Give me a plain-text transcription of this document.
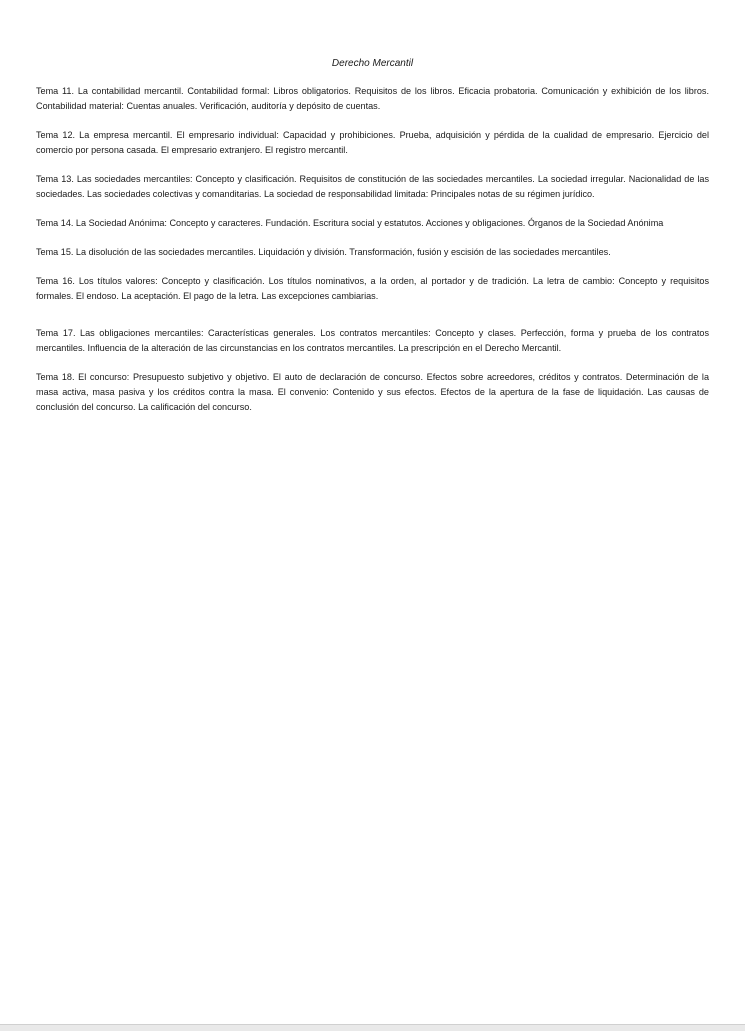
Derecho Mercantil

Tema 11. La contabilidad mercantil. Contabilidad formal: Libros obligatorios. Requisitos de los libros. Eficacia probatoria. Comunicación y exhibición de los libros. Contabilidad material: Cuentas anuales. Verificación, auditoría y depósito de cuentas.

Tema 12. La empresa mercantil. El empresario individual: Capacidad y prohibiciones. Prueba, adquisición y pérdida de la cualidad de empresario. Ejercicio del comercio por persona casada. El empresario extranjero. El registro mercantil.

Tema 13. Las sociedades mercantiles: Concepto y clasificación. Requisitos de constitución de las sociedades mercantiles. La sociedad irregular. Nacionalidad de las sociedades. Las sociedades colectivas y comanditarias. La sociedad de responsabilidad limitada: Principales notas de su régimen jurídico.

Tema 14. La Sociedad Anónima: Concepto y caracteres. Fundación. Escritura social y estatutos. Acciones y obligaciones. Órganos de la Sociedad Anónima

Tema 15. La disolución de las sociedades mercantiles. Liquidación y división. Transformación, fusión y escisión de las sociedades mercantiles.

Tema 16. Los títulos valores: Concepto y clasificación. Los títulos nominativos, a la orden, al portador y de tradición. La letra de cambio: Concepto y requisitos formales. El endoso. La aceptación. El pago de la letra. Las excepciones cambiarias.

Tema 17. Las obligaciones mercantiles: Características generales. Los contratos mercantiles: Concepto y clases. Perfección, forma y prueba de los contratos mercantiles. Influencia de la alteración de las circunstancias en los contratos mercantiles. La prescripción en el Derecho Mercantil.

Tema 18. El concurso: Presupuesto subjetivo y objetivo. El auto de declaración de concurso. Efectos sobre acreedores, créditos y contratos. Determinación de la masa activa, masa pasiva y los créditos contra la masa. El convenio: Contenido y sus efectos. Efectos de la apertura de la fase de liquidación. Las causas de conclusión del concurso. La calificación del concurso.
